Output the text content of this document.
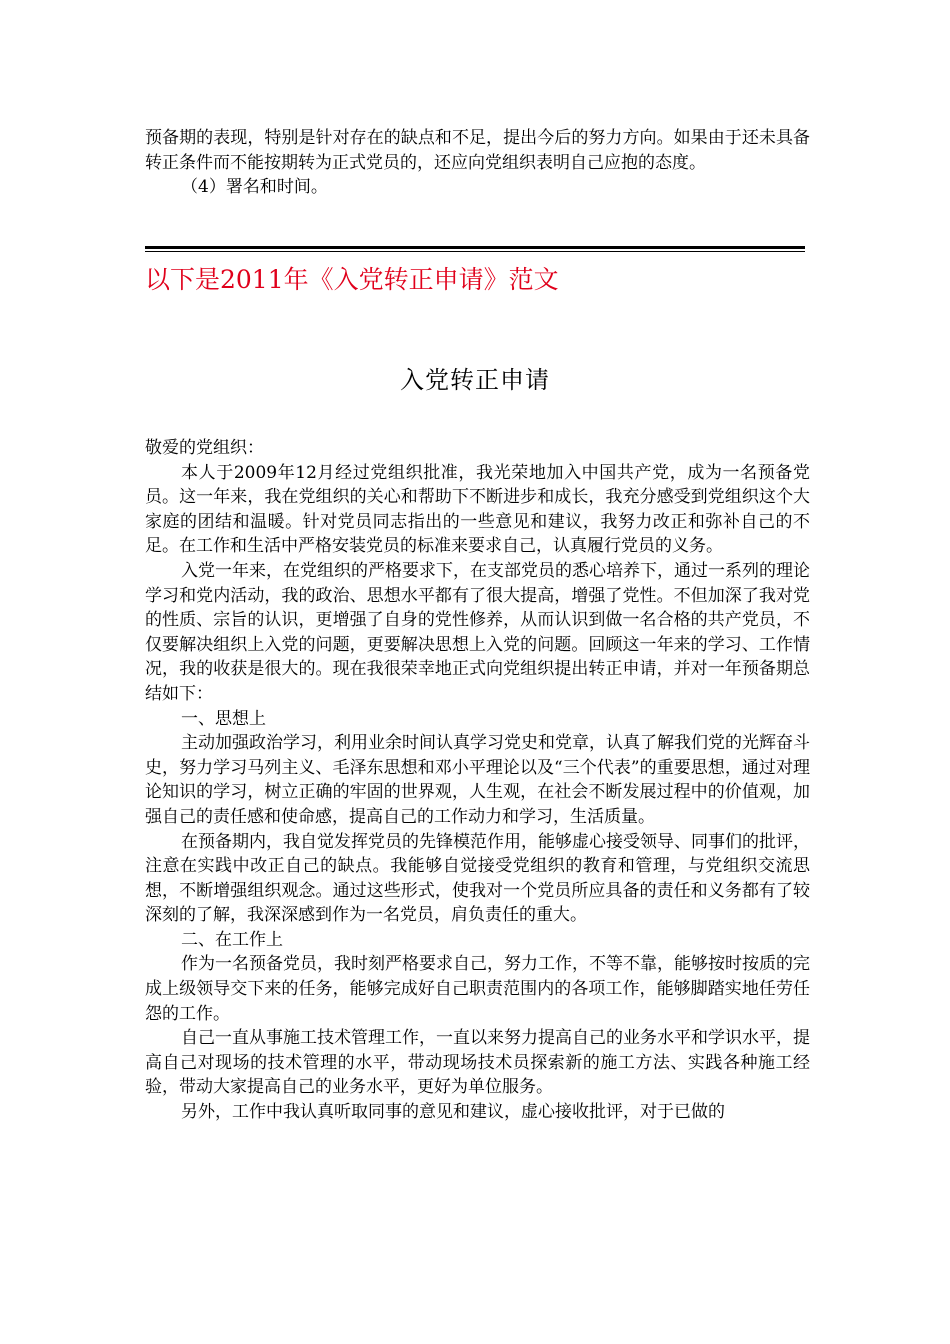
预备期的表现，特别是针对存在的缺点和不足，提出今后的努力方向。如果由于还未具备转正条件而不能按期转为正式党员的，还应向党组织表明自己应抱的态度。

（4）署名和时间。

以下是2011年《入党转正申请》范文
入党转正申请

敬爱的党组织：

本人于2009年12月经过党组织批准，我光荣地加入中国共产党，成为一名预备党员。这一年来，我在党组织的关心和帮助下不断进步和成长，我充分感受到党组织这个大家庭的团结和温暖。针对党员同志指出的一些意见和建议，我努力改正和弥补自己的不足。在工作和生活中严格安装党员的标准来要求自己，认真履行党员的义务。

入党一年来，在党组织的严格要求下，在支部党员的悉心培养下，通过一系列的理论学习和党内活动，我的政治、思想水平都有了很大提高，增强了党性。不但加深了我对党的性质、宗旨的认识，更增强了自身的党性修养，从而认识到做一名合格的共产党员，不仅要解决组织上入党的问题，更要解决思想上入党的问题。回顾这一年来的学习、工作情况，我的收获是很大的。现在我很荣幸地正式向党组织提出转正申请，并对一年预备期总结如下：

一、思想上

主动加强政治学习，利用业余时间认真学习党史和党章，认真了解我们党的光辉奋斗史，努力学习马列主义、毛泽东思想和邓小平理论以及“三个代表”的重要思想，通过对理论知识的学习，树立正确的牢固的世界观，人生观，在社会不断发展过程中的价值观，加强自己的责任感和使命感，提高自己的工作动力和学习，生活质量。

在预备期内，我自觉发挥党员的先锋模范作用，能够虚心接受领导、同事们的批评，注意在实践中改正自己的缺点。我能够自觉接受党组织的教育和管理，与党组织交流思想，不断增强组织观念。通过这些形式，使我对一个党员所应具备的责任和义务都有了较深刻的了解，我深深感到作为一名党员，肩负责任的重大。

二、在工作上

作为一名预备党员，我时刻严格要求自己，努力工作，不等不靠，能够按时按质的完成上级领导交下来的任务，能够完成好自己职责范围内的各项工作，能够脚踏实地任劳任怨的工作。

自己一直从事施工技术管理工作，一直以来努力提高自己的业务水平和学识水平，提高自己对现场的技术管理的水平，带动现场技术员探索新的施工方法、实践各种施工经验，带动大家提高自己的业务水平，更好为单位服务。

另外，工作中我认真听取同事的意见和建议，虚心接收批评，对于已做的
